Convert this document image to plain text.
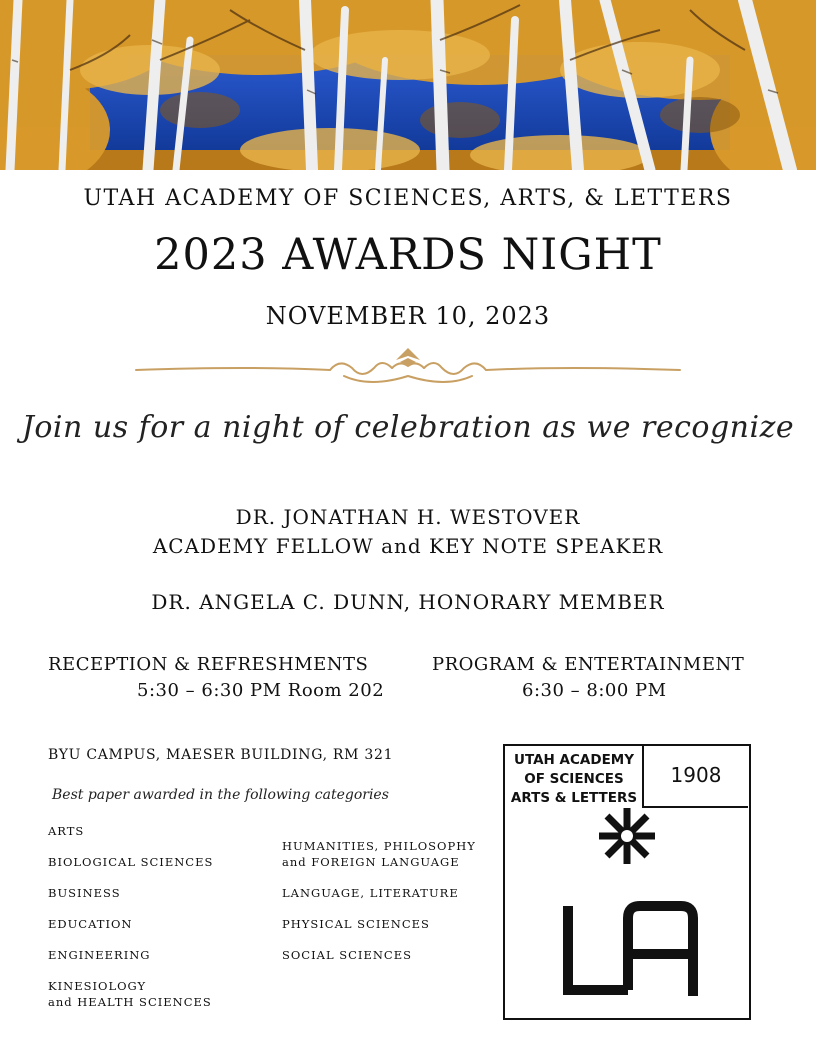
UTAH ACADEMY OF SCIENCES, ARTS, & LETTERS
2023 AWARDS NIGHT
NOVEMBER 10, 2023
Join us for a night of celebration as we recognize
DR. JONATHAN H. WESTOVER
ACADEMY FELLOW and KEY NOTE SPEAKER
DR. ANGELA C. DUNN, HONORARY MEMBER
RECEPTION & REFRESHMENTS
5:30 – 6:30 PM Room 202
PROGRAM & ENTERTAINMENT
6:30 – 8:00 PM
BYU CAMPUS, MAESER BUILDING, RM 321
Best paper awarded in the following categories
ARTS
BIOLOGICAL SCIENCES
BUSINESS
EDUCATION
ENGINEERING
KINESIOLOGY
and HEALTH SCIENCES
HUMANITIES, PHILOSOPHY
and FOREIGN LANGUAGE
LANGUAGE, LITERATURE
PHYSICAL SCIENCES
SOCIAL SCIENCES
UTAH ACADEMY
OF SCIENCES
ARTS & LETTERS
1908
